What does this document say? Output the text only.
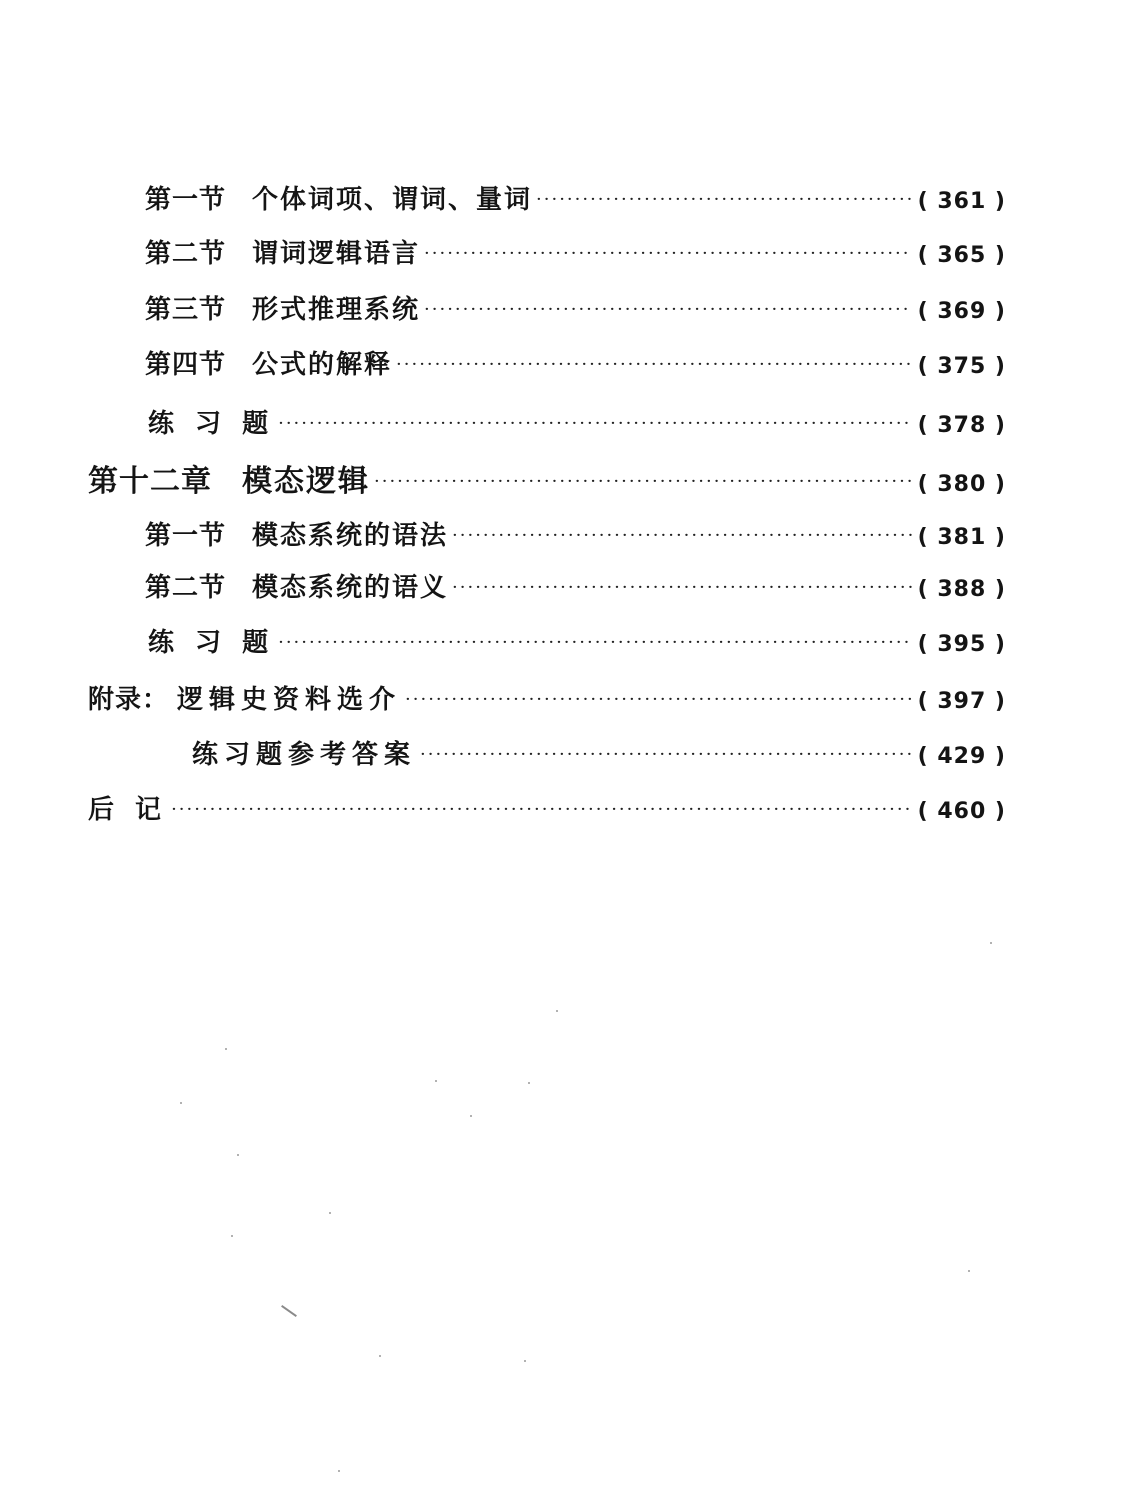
第一节 个体词项、谓词、量词 ·····	( 361 )
第二节 谓词逻辑语言 ·····	( 365 )
第三节 形式推理系统 ·····	( 369 )
第四节 公式的解释 ·····	( 375 )
练 习 题 ·····	( 378 )
第十二章 模态逻辑 ·····	( 380 )
第一节 模态系统的语法 ·····	( 381 )
第二节 模态系统的语义 ·····	( 388 )
练 习 题 ·····	( 395 )
附录： 逻辑史资料选介 ·····	( 397 )
练习题参考答案 ·····	( 429 )
后 记 ·····	( 460 )
